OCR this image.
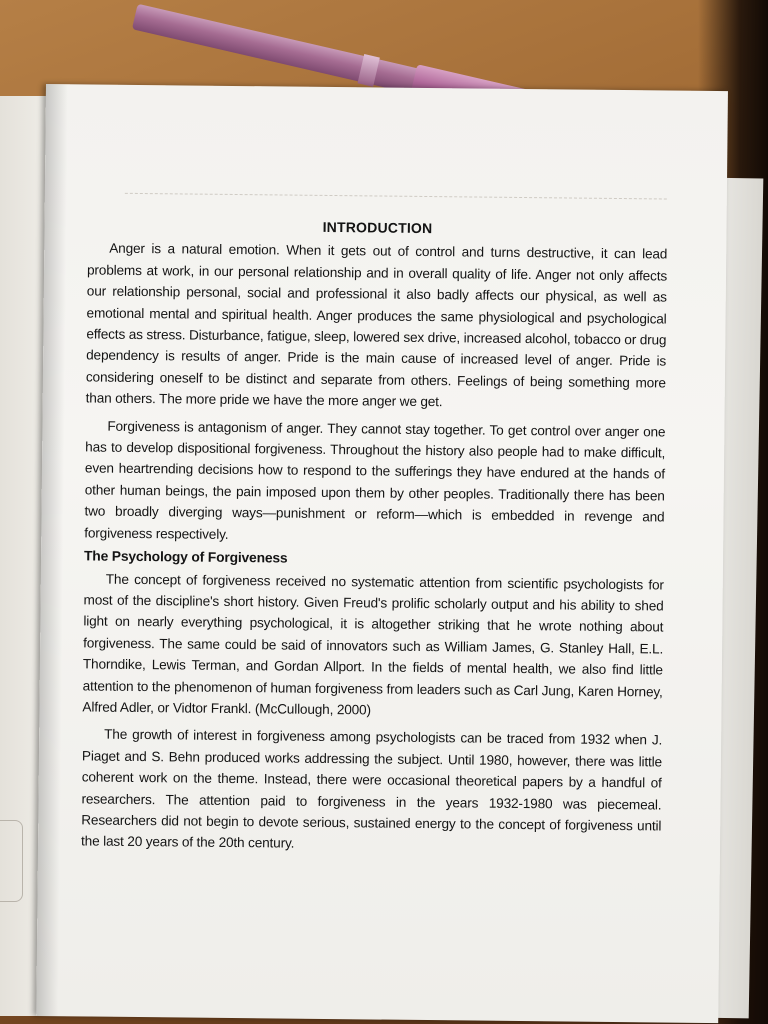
INTRODUCTION

Anger is a natural emotion. When it gets out of control and turns destructive, it can lead problems at work, in our personal relationship and in overall quality of life. Anger not only affects our relationship personal, social and professional it also badly affects our physical, as well as emotional mental and spiritual health. Anger produces the same physiological and psychological effects as stress. Disturbance, fatigue, sleep, lowered sex drive, increased alcohol, tobacco or drug dependency is results of anger. Pride is the main cause of increased level of anger. Pride is considering oneself to be distinct and separate from others. Feelings of being something more than others. The more pride we have the more anger we get.

Forgiveness is antagonism of anger. They cannot stay together. To get control over anger one has to develop dispositional forgiveness. Throughout the history also people had to make difficult, even heartrending decisions how to respond to the sufferings they have endured at the hands of other human beings, the pain imposed upon them by other peoples. Traditionally there has been two broadly diverging ways—punishment or reform—which is embedded in revenge and forgiveness respectively.

The Psychology of Forgiveness

The concept of forgiveness received no systematic attention from scientific psychologists for most of the discipline's short history. Given Freud's prolific scholarly output and his ability to shed light on nearly everything psychological, it is altogether striking that he wrote nothing about forgiveness. The same could be said of innovators such as William James, G. Stanley Hall, E.L. Thorndike, Lewis Terman, and Gordan Allport. In the fields of mental health, we also find little attention to the phenomenon of human forgiveness from leaders such as Carl Jung, Karen Horney, Alfred Adler, or Vidtor Frankl. (McCullough, 2000)

The growth of interest in forgiveness among psychologists can be traced from 1932 when J. Piaget and S. Behn produced works addressing the subject. Until 1980, however, there was little coherent work on the theme. Instead, there were occasional theoretical papers by a handful of researchers. The attention paid to forgiveness in the years 1932-1980 was piecemeal. Researchers did not begin to devote serious, sustained energy to the concept of forgiveness until the last 20 years of the 20th century.
